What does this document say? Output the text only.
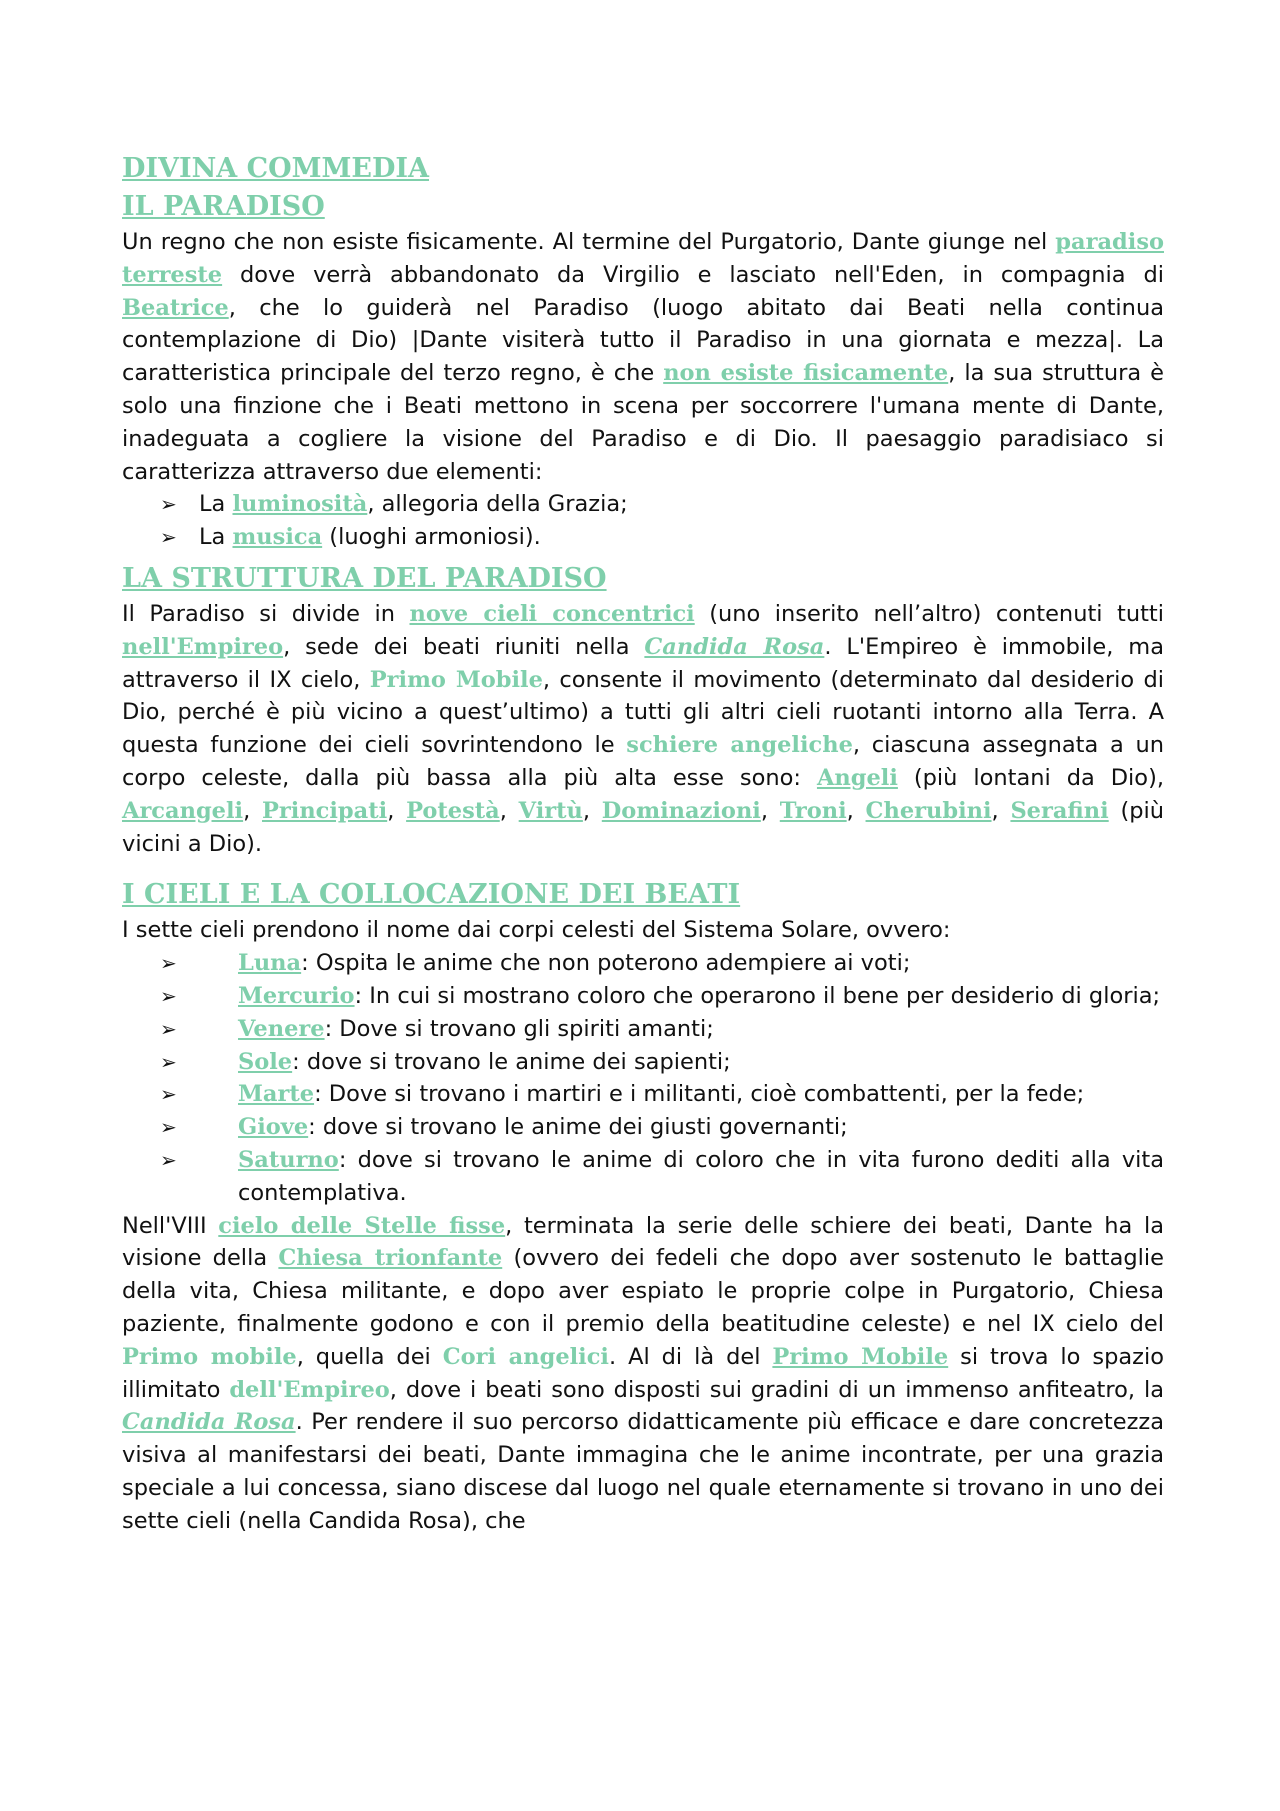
DIVINA COMMEDIA
IL PARADISO

Un regno che non esiste fisicamente. Al termine del Purgatorio, Dante giunge nel paradiso terreste dove verrà abbandonato da Virgilio e lasciato nell'Eden, in compagnia di Beatrice, che lo guiderà nel Paradiso (luogo abitato dai Beati nella continua contemplazione di Dio) |Dante visiterà tutto il Paradiso in una giornata e mezza|. La caratteristica principale del terzo regno, è che non esiste fisicamente, la sua struttura è solo una finzione che i Beati mettono in scena per soccorrere l'umana mente di Dante, inadeguata a cogliere la visione del Paradiso e di Dio. Il paesaggio paradisiaco si caratterizza attraverso due elementi:

➢ La luminosità, allegoria della Grazia;
➢ La musica (luoghi armoniosi).
LA STRUTTURA DEL PARADISO

Il Paradiso si divide in nove cieli concentrici (uno inserito nell’altro) contenuti tutti nell'Empireo, sede dei beati riuniti nella Candida Rosa. L'Empireo è immobile, ma attraverso il IX cielo, Primo Mobile, consente il movimento (determinato dal desiderio di Dio, perché è più vicino a quest’ultimo) a tutti gli altri cieli ruotanti intorno alla Terra. A questa funzione dei cieli sovrintendono le schiere angeliche, ciascuna assegnata a un corpo celeste, dalla più bassa alla più alta esse sono: Angeli (più lontani da Dio), Arcangeli, Principati, Potestà, Virtù, Dominazioni, Troni, Cherubini, Serafini (più vicini a Dio).

I CIELI E LA COLLOCAZIONE DEI BEATI

I sette cieli prendono il nome dai corpi celesti del Sistema Solare, ovvero:

➢	Luna: Ospita le anime che non poterono adempiere ai voti;
➢	Mercurio: In cui si mostrano coloro che operarono il bene per desiderio di gloria;
➢	Venere: Dove si trovano gli spiriti amanti;
➢	Sole: dove si trovano le anime dei sapienti;
➢	Marte: Dove si trovano i martiri e i militanti, cioè combattenti, per la fede;
➢	Giove: dove si trovano le anime dei giusti governanti;
➢	Saturno: dove si trovano le anime di coloro che in vita furono dediti alla vita contemplativa.

Nell'VIII cielo delle Stelle fisse, terminata la serie delle schiere dei beati, Dante ha la visione della Chiesa trionfante (ovvero dei fedeli che dopo aver sostenuto le battaglie della vita, Chiesa militante, e dopo aver espiato le proprie colpe in Purgatorio, Chiesa paziente, finalmente godono e con il premio della beatitudine celeste) e nel IX cielo del Primo mobile, quella dei Cori angelici. Al di là del Primo Mobile si trova lo spazio illimitato dell'Empireo, dove i beati sono disposti sui gradini di un immenso anfiteatro, la Candida Rosa. Per rendere il suo percorso didatticamente più efficace e dare concretezza visiva al manifestarsi dei beati, Dante immagina che le anime incontrate, per una grazia speciale a lui concessa, siano discese dal luogo nel quale eternamente si trovano in uno dei sette cieli (nella Candida Rosa), che
